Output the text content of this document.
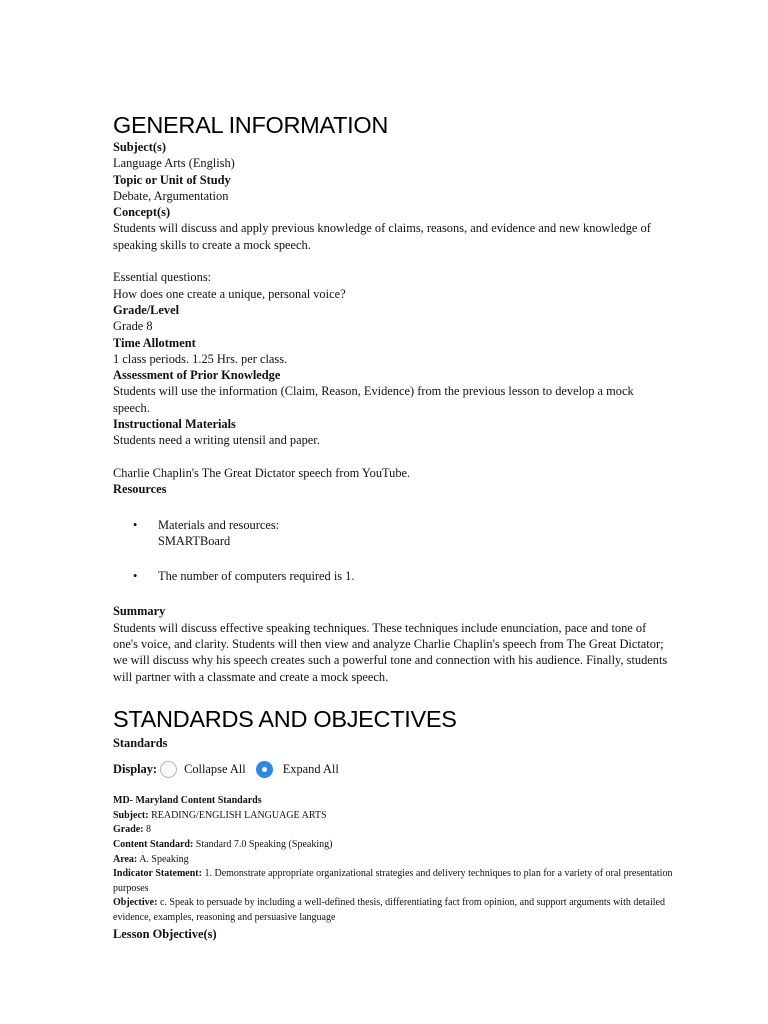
GENERAL INFORMATION
Subject(s)
Language Arts (English)
Topic or Unit of Study
Debate, Argumentation
Concept(s)
Students will discuss and apply previous knowledge of claims, reasons, and evidence and new knowledge of speaking skills to create a mock speech.
Essential questions:
How does one create a unique, personal voice?
Grade/Level
Grade 8
Time Allotment
1 class periods. 1.25 Hrs. per class.
Assessment of Prior Knowledge
Students will use the information (Claim, Reason, Evidence) from the previous lesson to develop a mock speech.
Instructional Materials
Students need a writing utensil and paper.
Charlie Chaplin's The Great Dictator speech from YouTube.
Resources
• Materials and resources:
SMARTBoard
• The number of computers required is 1.
Summary
Students will discuss effective speaking techniques. These techniques include enunciation, pace and tone of one's voice, and clarity. Students will then view and analyze Charlie Chaplin's speech from The Great Dictator; we will discuss why his speech creates such a powerful tone and connection with his audience. Finally, students will partner with a classmate and create a mock speech.
STANDARDS AND OBJECTIVES
Standards
Display: Collapse All	Expand All
MD- Maryland Content Standards
Subject: READING/ENGLISH LANGUAGE ARTS
Grade: 8
Content Standard: Standard 7.0 Speaking (Speaking)
Area: A. Speaking
Indicator Statement: 1. Demonstrate appropriate organizational strategies and delivery techniques to plan for a variety of oral presentation purposes
Objective: c. Speak to persuade by including a well-defined thesis, differentiating fact from opinion, and support arguments with detailed evidence, examples, reasoning and persuasive language
Lesson Objective(s)
